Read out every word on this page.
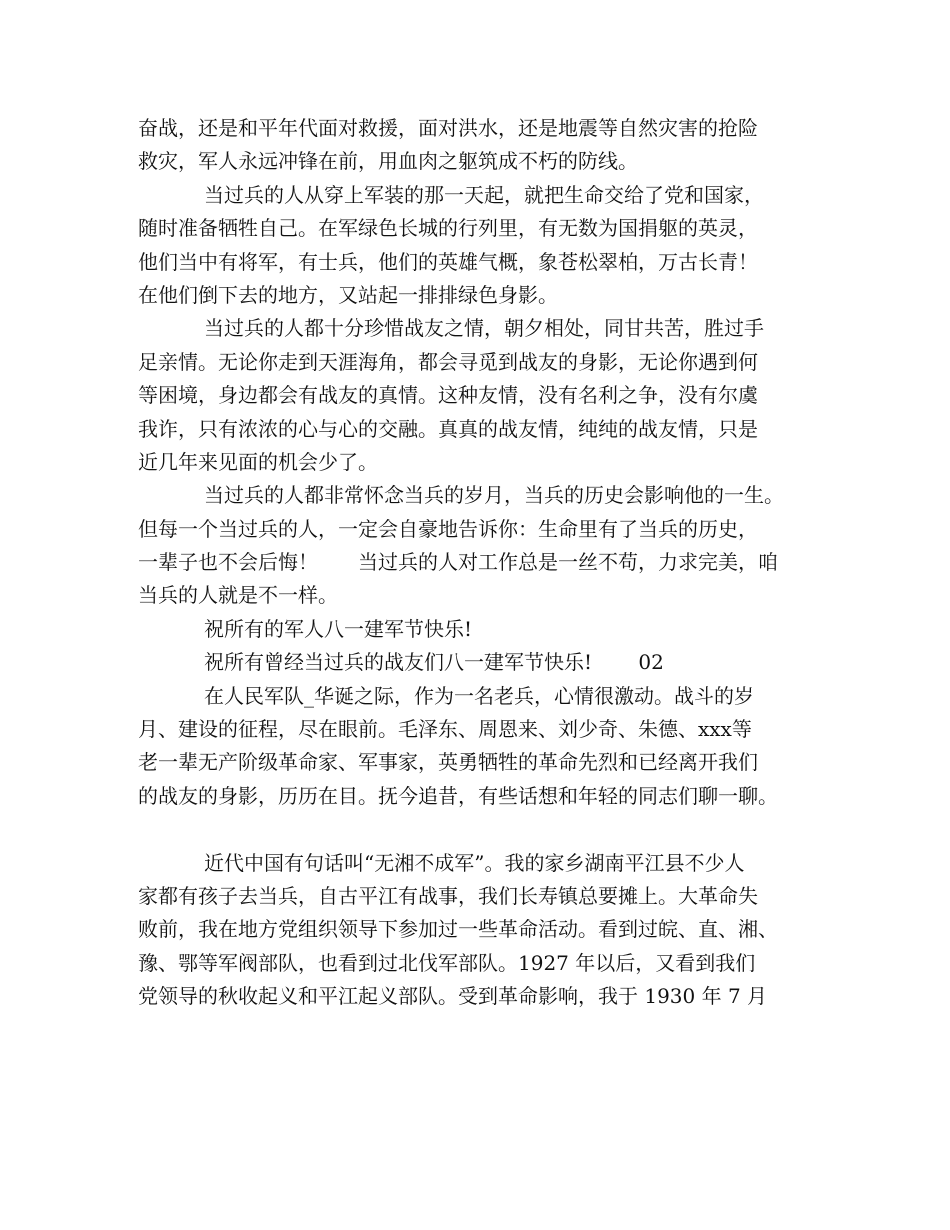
奋战，还是和平年代面对救援，面对洪水，还是地震等自然灾害的抢险
救灾，军人永远冲锋在前，用血肉之躯筑成不朽的防线。
当过兵的人从穿上军装的那一天起，就把生命交给了党和国家，
随时准备牺牲自己。在军绿色长城的行列里，有无数为国捐躯的英灵，
他们当中有将军，有士兵，他们的英雄气概，象苍松翠柏，万古长青！
在他们倒下去的地方，又站起一排排绿色身影。
当过兵的人都十分珍惜战友之情，朝夕相处，同甘共苦，胜过手
足亲情。无论你走到天涯海角，都会寻觅到战友的身影，无论你遇到何
等困境，身边都会有战友的真情。这种友情，没有名利之争，没有尔虞
我诈，只有浓浓的心与心的交融。真真的战友情，纯纯的战友情，只是
近几年来见面的机会少了。
当过兵的人都非常怀念当兵的岁月，当兵的历史会影响他的一生。
但每一个当过兵的人，一定会自豪地告诉你：生命里有了当兵的历史，
一辈子也不会后悔！　　当过兵的人对工作总是一丝不苟，力求完美，咱
当兵的人就是不一样。
祝所有的军人八一建军节快乐!
祝所有曾经当过兵的战友们八一建军节快乐!　　 02
在人民军队_华诞之际，作为一名老兵，心情很激动。战斗的岁
月、建设的征程，尽在眼前。毛泽东、周恩来、刘少奇、朱德、xxx等
老一辈无产阶级革命家、军事家，英勇牺牲的革命先烈和已经离开我们
的战友的身影，历历在目。抚今追昔，有些话想和年轻的同志们聊一聊。
近代中国有句话叫“无湘不成军”。我的家乡湖南平江县不少人
家都有孩子去当兵，自古平江有战事，我们长寿镇总要摊上。大革命失
败前，我在地方党组织领导下参加过一些革命活动。看到过皖、直、湘、
豫、鄂等军阀部队，也看到过北伐军部队。1927 年以后，又看到我们
党领导的秋收起义和平江起义部队。受到革命影响，我于 1930 年 7 月
